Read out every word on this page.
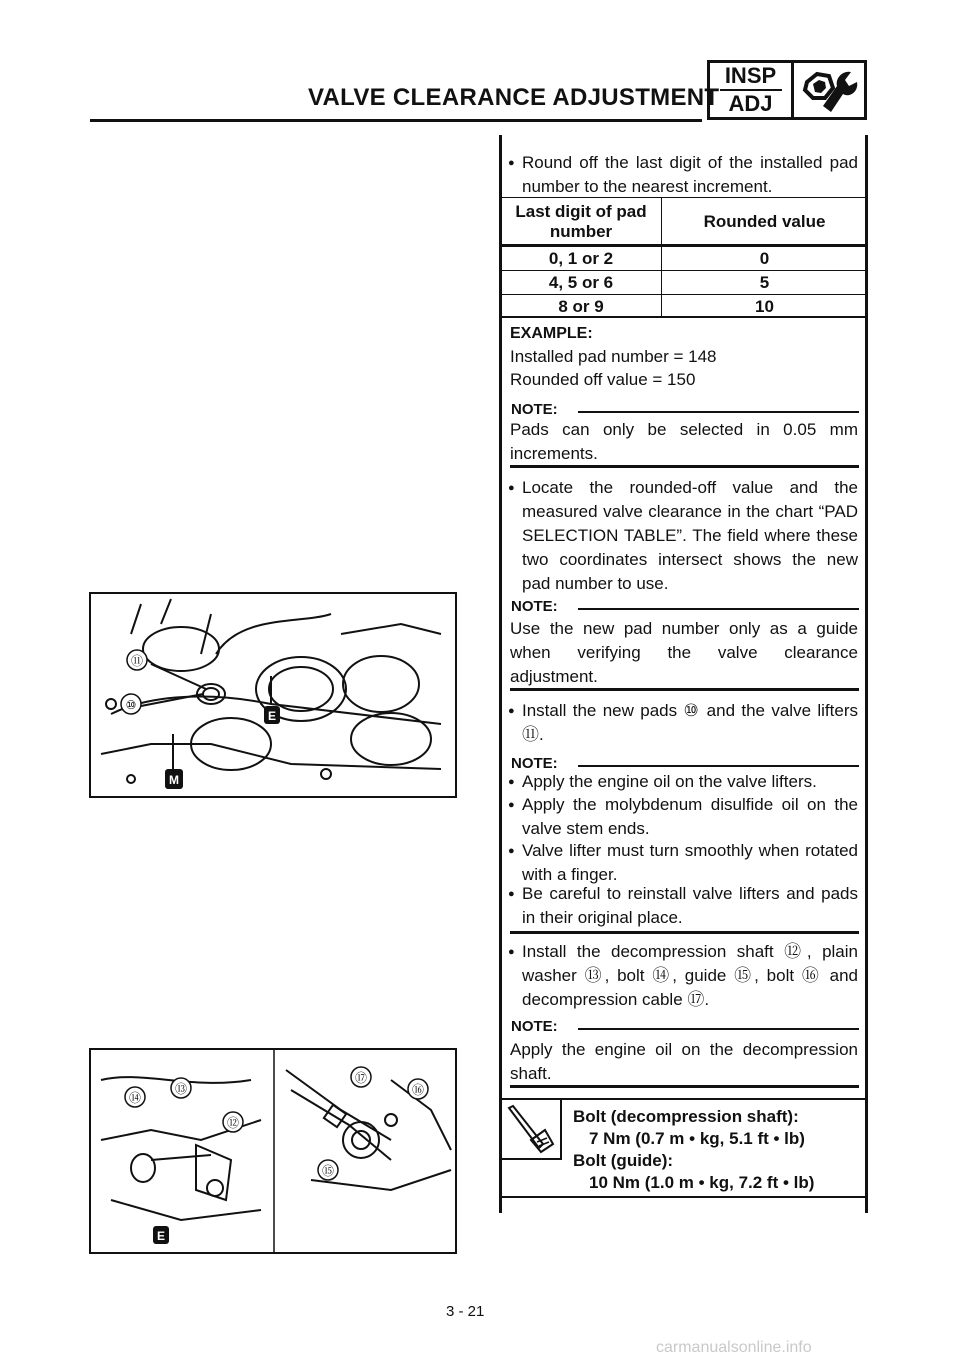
VALVE CLEARANCE ADJUSTMENT
INSP
ADJ
● Round off the last digit of the installed pad number to the nearest increment.
Last digit of pad number	Rounded value
0, 1 or 2	0
4, 5 or 6	5
8 or 9	10
EXAMPLE:
Installed pad number = 148
Rounded off value = 150
NOTE:
Pads can only be selected in 0.05 mm increments.
● Locate the rounded-off value and the measured valve clearance in the chart “PAD SELECTION TABLE”. The field where these two coordinates intersect shows the new pad number to use.
NOTE:
Use the new pad number only as a guide when verifying the valve clearance adjustment.
● Install the new pads ⑩ and the valve lifters ⑪.
NOTE:
● Apply the engine oil on the valve lifters.
● Apply the molybdenum disulfide oil on the valve stem ends.
● Valve lifter must turn smoothly when rotated with a finger.
● Be careful to reinstall valve lifters and pads in their original place.
● Install the decompression shaft ⑫, plain washer ⑬, bolt ⑭, guide ⑮, bolt ⑯ and decompression cable ⑰.
NOTE:
Apply the engine oil on the decompression shaft.
Bolt (decompression shaft):
7 Nm (0.7 m • kg, 5.1 ft • lb)
Bolt (guide):
10 Nm (1.0 m • kg, 7.2 ft • lb)
⑪
⑩
E
M
⑭
⑬
⑫
⑰
⑯
⑮
E
3 - 21
carmanualsonline.info
